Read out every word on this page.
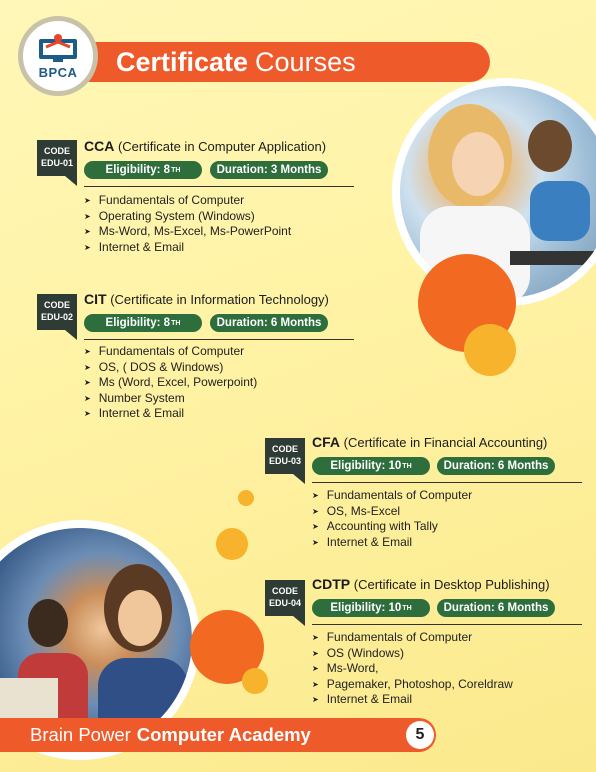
Certificate Courses
BPCA
CODE
EDU-01
CCA (Certificate in Computer Application)
Eligibility: 8 TH	Duration: 3 Months
➤ Fundamentals of Computer
➤ Operating System (Windows)
➤ Ms-Word, Ms-Excel, Ms-PowerPoint
➤ Internet & Email
CODE
EDU-02
CIT (Certificate in Information Technology)
Eligibility: 8 TH	Duration: 6 Months
➤ Fundamentals of Computer
➤ OS, ( DOS & Windows)
➤ Ms (Word, Excel, Powerpoint)
➤ Number System
➤ Internet & Email
CODE
EDU-03
CFA (Certificate in Financial Accounting)
Eligibility: 10 TH	Duration: 6 Months
➤ Fundamentals of Computer
➤ OS, Ms-Excel
➤ Accounting with Tally
➤ Internet & Email
CODE
EDU-04
CDTP (Certificate in Desktop Publishing)
Eligibility: 10 TH	Duration: 6 Months
➤ Fundamentals of Computer
➤ OS (Windows)
➤ Ms-Word,
➤ Pagemaker, Photoshop, Coreldraw
➤ Internet & Email
Brain Power Computer Academy	5
